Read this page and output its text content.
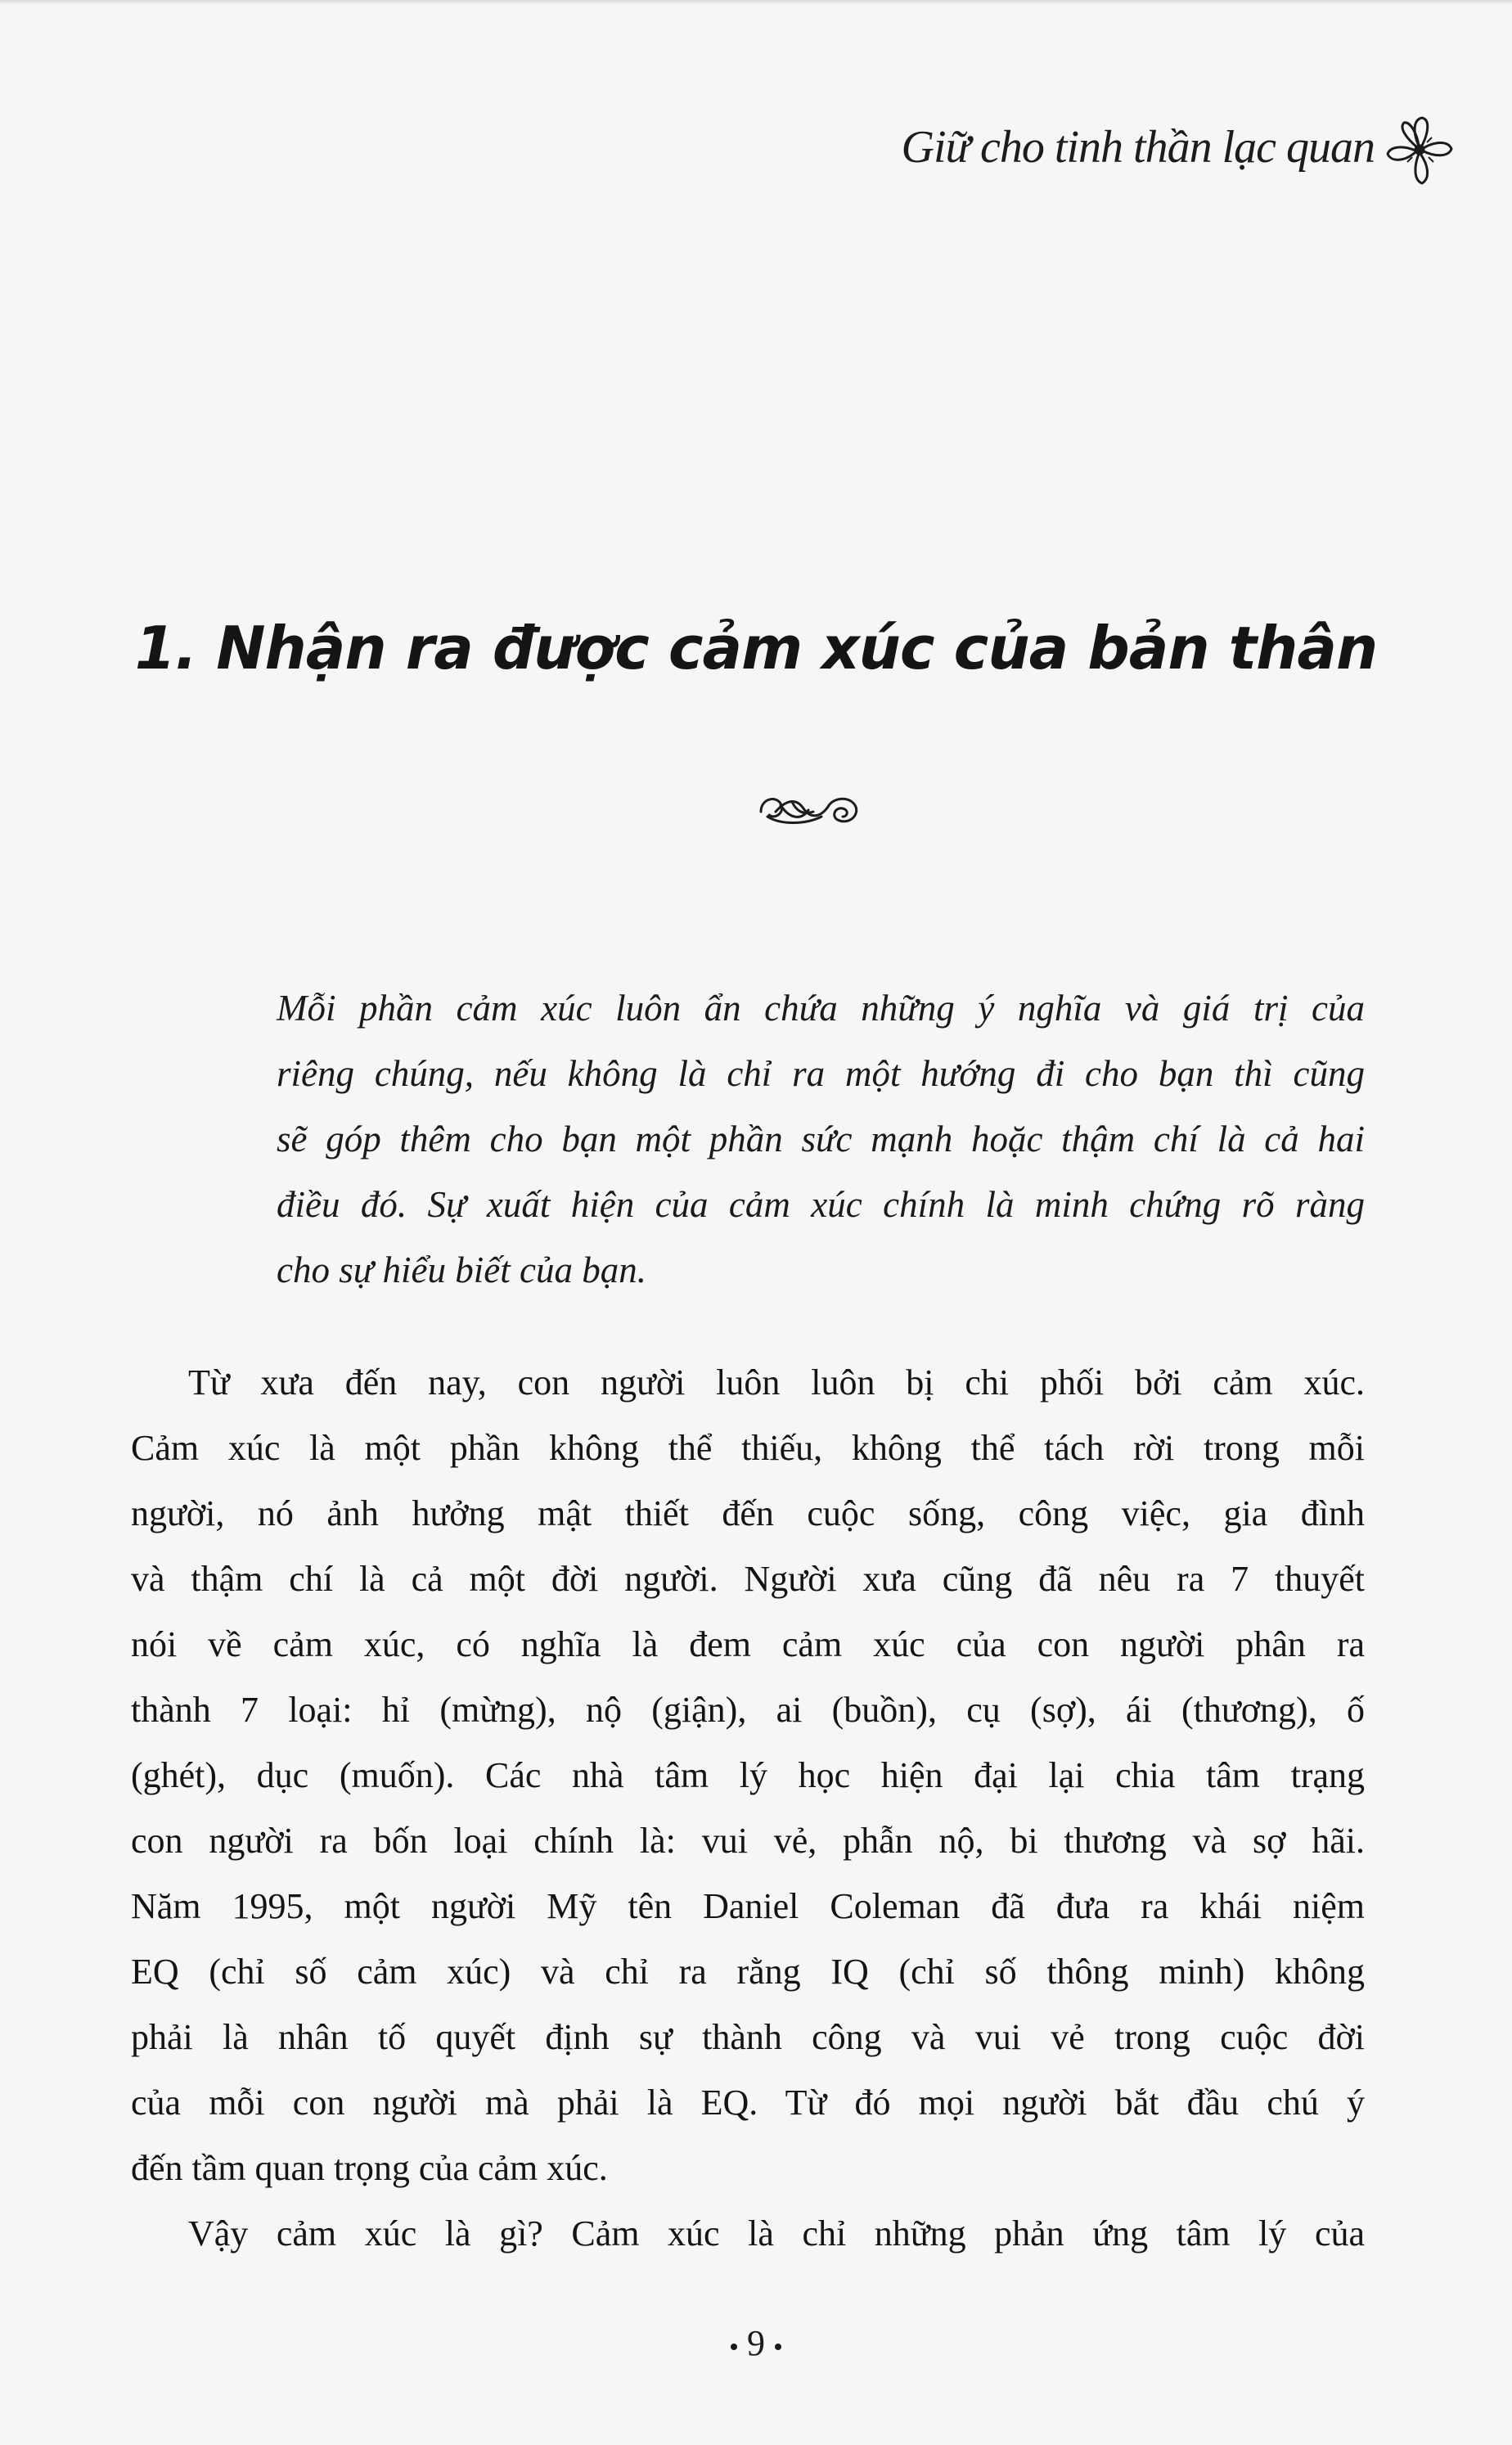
Giữ cho tinh thần lạc quan
1. Nhận ra được cảm xúc của bản thân
Mỗi phần cảm xúc luôn ẩn chứa những ý nghĩa và giá trị của
riêng chúng, nếu không là chỉ ra một hướng đi cho bạn thì cũng
sẽ góp thêm cho bạn một phần sức mạnh hoặc thậm chí là cả hai
điều đó. Sự xuất hiện của cảm xúc chính là minh chứng rõ ràng
cho sự hiểu biết của bạn.
Từ xưa đến nay, con người luôn luôn bị chi phối bởi cảm xúc.
Cảm xúc là một phần không thể thiếu, không thể tách rời trong mỗi
người, nó ảnh hưởng mật thiết đến cuộc sống, công việc, gia đình
và thậm chí là cả một đời người. Người xưa cũng đã nêu ra 7 thuyết
nói về cảm xúc, có nghĩa là đem cảm xúc của con người phân ra
thành 7 loại: hỉ (mừng), nộ (giận), ai (buồn), cụ (sợ), ái (thương), ố
(ghét), dục (muốn). Các nhà tâm lý học hiện đại lại chia tâm trạng
con người ra bốn loại chính là: vui vẻ, phẫn nộ, bi thương và sợ hãi.
Năm 1995, một người Mỹ tên Daniel Coleman đã đưa ra khái niệm
EQ (chỉ số cảm xúc) và chỉ ra rằng IQ (chỉ số thông minh) không
phải là nhân tố quyết định sự thành công và vui vẻ trong cuộc đời
của mỗi con người mà phải là EQ. Từ đó mọi người bắt đầu chú ý
đến tầm quan trọng của cảm xúc.
Vậy cảm xúc là gì? Cảm xúc là chỉ những phản ứng tâm lý của
9
